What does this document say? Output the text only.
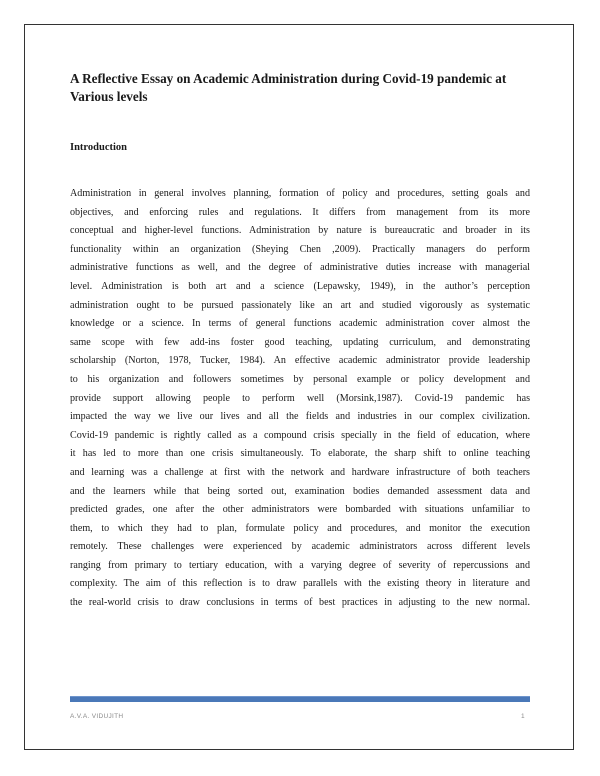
A Reflective Essay on Academic Administration during Covid-19 pandemic at Various levels
Introduction
Administration in general involves planning, formation of policy and procedures, setting goals and
objectives, and enforcing rules and regulations. It differs from management from its more
conceptual and higher-level functions. Administration by nature is bureaucratic and broader in its
functionality within an organization (Sheying Chen ,2009). Practically managers do perform
administrative functions as well, and the degree of administrative duties increase with managerial
level. Administration is both art and a science (Lepawsky, 1949), in the author’s perception
administration ought to be pursued passionately like an art and studied vigorously as systematic
knowledge or a science. In terms of general functions academic administration cover almost the
same scope with few add-ins foster good teaching, updating curriculum, and demonstrating
scholarship (Norton, 1978, Tucker, 1984). An effective academic administrator provide leadership
to his organization and followers sometimes by personal example or policy development and
provide support allowing people to perform well (Morsink,1987). Covid-19 pandemic has
impacted the way we live our lives and all the fields and industries in our complex civilization.
Covid-19 pandemic is rightly called as a compound crisis specially in the field of education, where
it has led to more than one crisis simultaneously. To elaborate, the sharp shift to online teaching
and learning was a challenge at first with the network and hardware infrastructure of both teachers
and the learners while that being sorted out, examination bodies demanded assessment data and
predicted grades, one after the other administrators were bombarded with situations unfamiliar to
them, to which they had to plan, formulate policy and procedures, and monitor the execution
remotely. These challenges were experienced by academic administrators across different levels
ranging from primary to tertiary education, with a varying degree of severity of repercussions and
complexity. The aim of this reflection is to draw parallels with the existing theory in literature and
the real-world crisis to draw conclusions in terms of best practices in adjusting to the new normal.
A.V.A. VIDUJITH	1
